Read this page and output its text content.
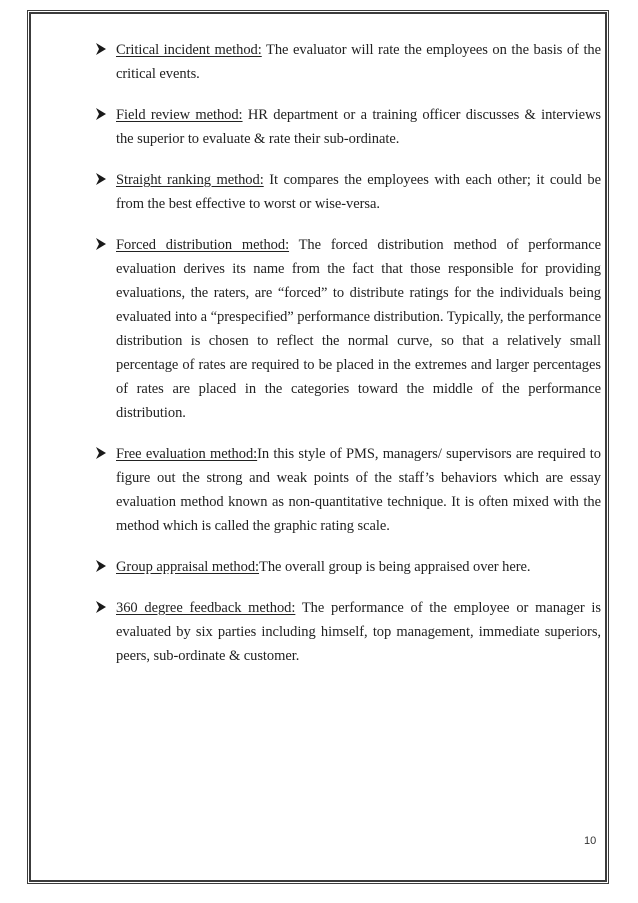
Critical incident method: The evaluator will rate the employees on the basis of the critical events.

Field review method: HR department or a training officer discusses & interviews the superior to evaluate & rate their sub-ordinate.

Straight ranking method: It compares the employees with each other; it could be from the best effective to worst or wise-versa.

Forced distribution method: The forced distribution method of performance evaluation derives its name from the fact that those responsible for providing evaluations, the raters, are “forced” to distribute ratings for the individuals being evaluated into a “prespecified” performance distribution. Typically, the performance distribution is chosen to reflect the normal curve, so that a relatively small percentage of rates are required to be placed in the extremes and larger percentages of rates are placed in the categories toward the middle of the performance distribution.

Free evaluation method:In this style of PMS, managers/ supervisors are required to figure out the strong and weak points of the staff’s behaviors which are essay evaluation method known as non-quantitative technique. It is often mixed with the method which is called the graphic rating scale.

Group appraisal method:The overall group is being appraised over here.

360 degree feedback method: The performance of the employee or manager is evaluated by six parties including himself, top management, immediate superiors, peers, sub-ordinate & customer.

10
